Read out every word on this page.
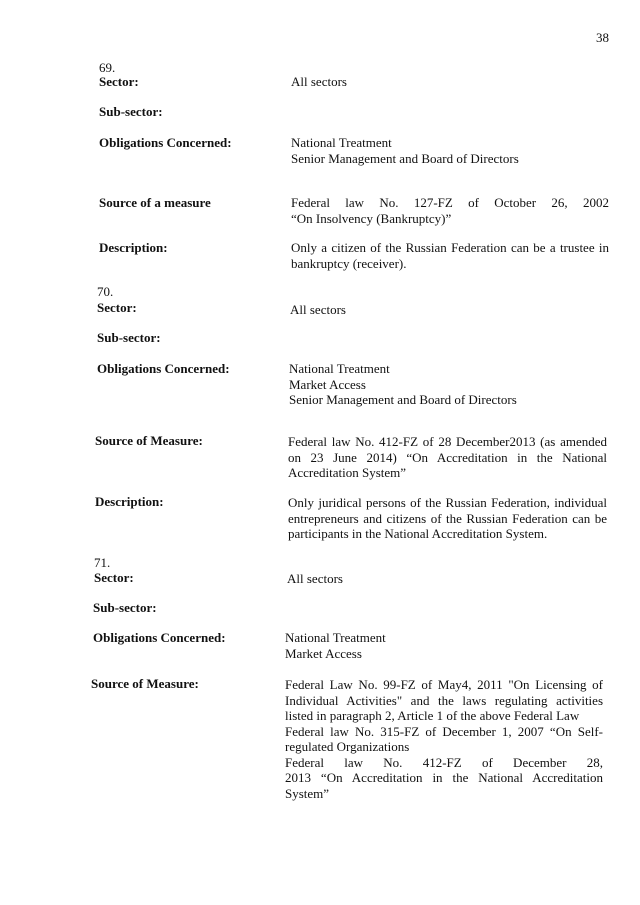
38
69.
Sector:	All sectors
Sub-sector:
Obligations Concerned:	National Treatment
Senior Management and Board of Directors
Source of a measure	Federal law No. 127-FZ of October 26, 2002
“On Insolvency (Bankruptcy)”
Description:	Only a citizen of the Russian Federation can be a trustee in
bankruptcy (receiver).
70.
Sector:	All sectors
Sub-sector:
Obligations Concerned:	National Treatment
Market Access
Senior Management and Board of Directors
Source of Measure:	Federal law No. 412-FZ of 28 December2013 (as amended
on 23 June 2014) “On Accreditation in the National
Accreditation System”
Description:	Only juridical persons of the Russian Federation, individual
entrepreneurs and citizens of the Russian Federation can be
participants in the National Accreditation System.
71.
Sector:	All sectors
Sub-sector:
Obligations Concerned:	National Treatment
Market Access
Source of Measure:	Federal Law No. 99-FZ of May4, 2011 "On Licensing of
Individual Activities" and the laws regulating activities
listed in paragraph 2, Article 1 of the above Federal Law
Federal law No. 315-FZ of December 1, 2007 “On Self-
regulated Organizations
Federal law No. 412-FZ of December 28,
2013 “On Accreditation in the National Accreditation
System”
